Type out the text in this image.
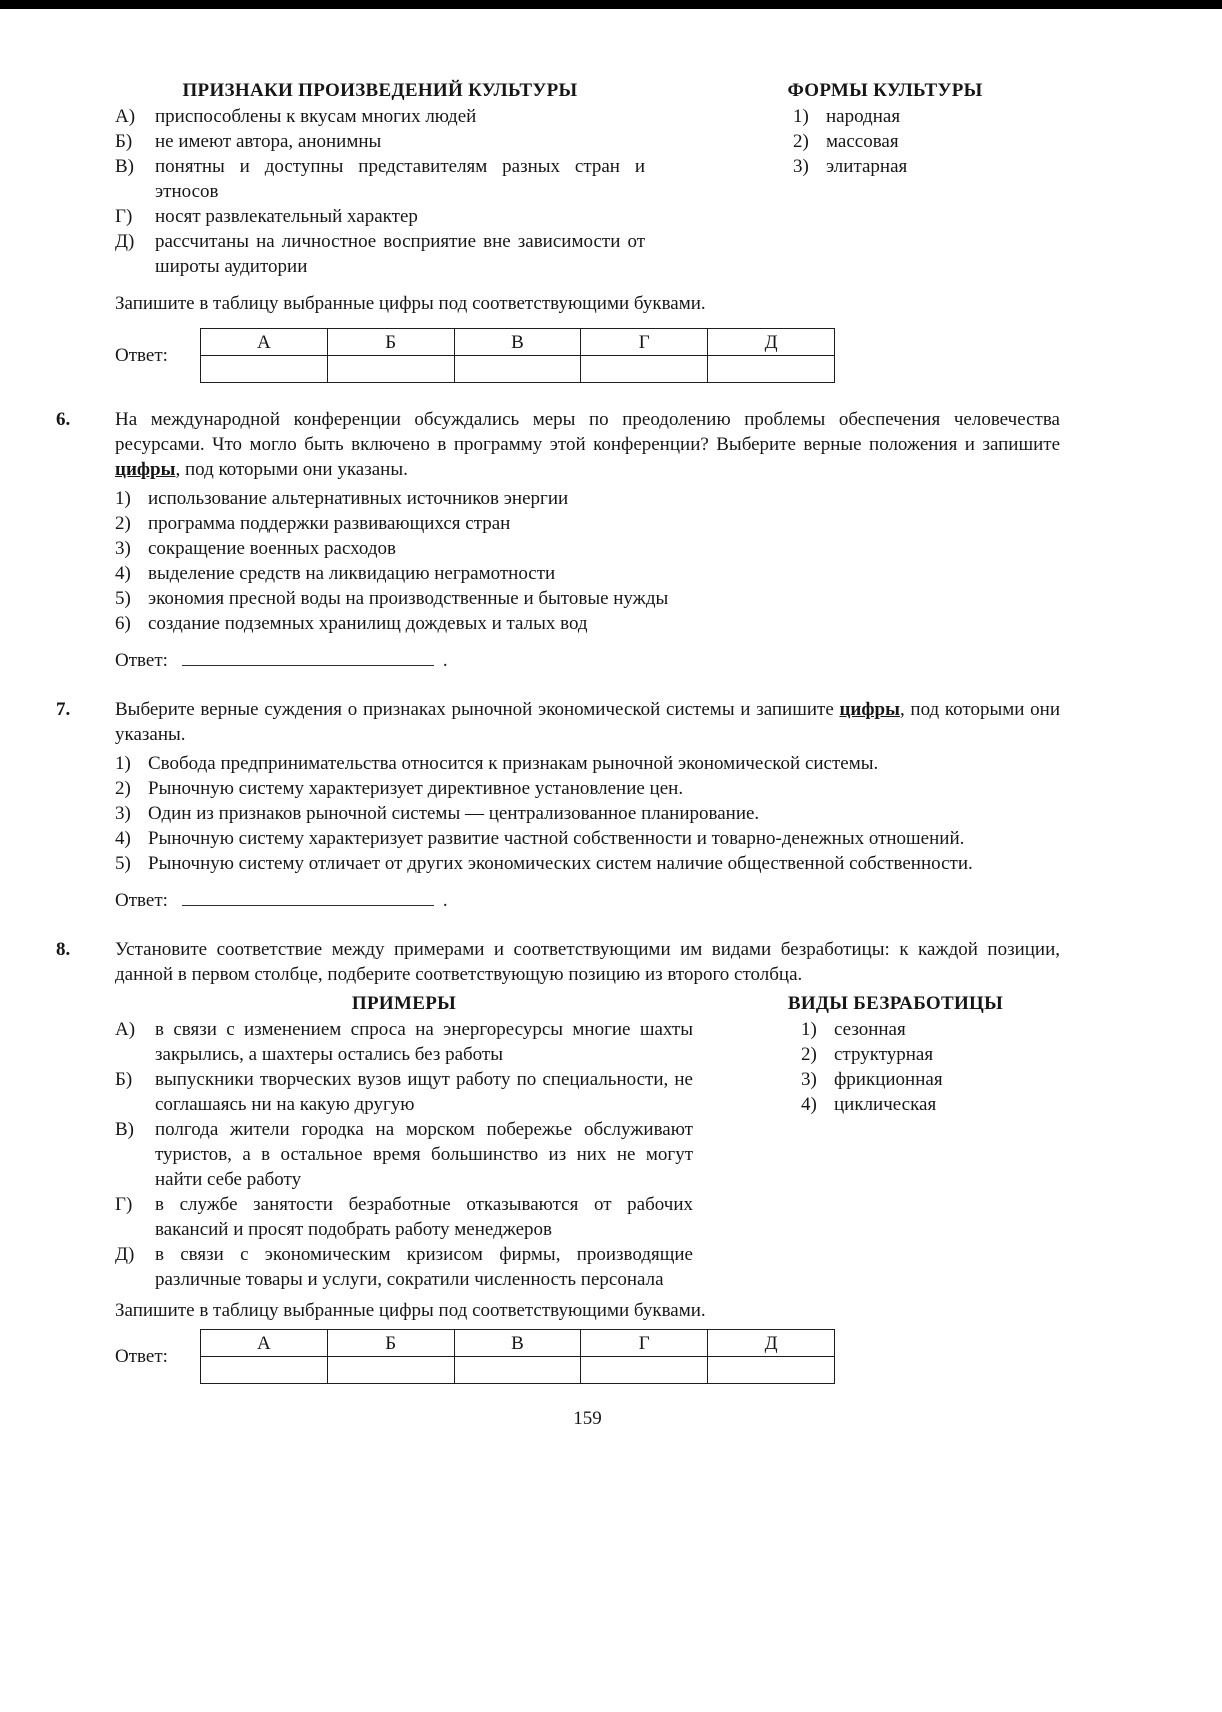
ПРИЗНАКИ ПРОИЗВЕДЕНИЙ КУЛЬТУРЫ
А)	приспособлены к вкусам многих людей
Б)	не имеют автора, анонимны
В)	понятны и доступны представителям разных стран и этносов
Г)	носят развлекательный характер
Д)	рассчитаны на личностное восприятие вне зависимости от широты аудитории
ФОРМЫ КУЛЬТУРЫ
1) народная
2) массовая
3) элитарная

Запишите в таблицу выбранные цифры под соответствующими буквами.

Ответ:
А	Б	В	Г	Д

6. На международной конференции обсуждались меры по преодолению проблемы обеспечения человечества ресурсами. Что могло быть включено в программу этой конференции? Выберите верные положения и запишите цифры, под которыми они указаны.

1) использование альтернативных источников энергии
2) программа поддержки развивающихся стран
3) сокращение военных расходов
4) выделение средств на ликвидацию неграмотности
5) экономия пресной воды на производственные и бытовые нужды
6) создание подземных хранилищ дождевых и талых вод

Ответ:	.

7. Выберите верные суждения о признаках рыночной экономической системы и запишите цифры, под которыми они указаны.

1) Свобода предпринимательства относится к признакам рыночной экономической системы.
2) Рыночную систему характеризует директивное установление цен.
3) Один из признаков рыночной системы — централизованное планирование.
4) Рыночную систему характеризует развитие частной собственности и товарно-денежных отношений.
5) Рыночную систему отличает от других экономических систем наличие общественной собственности.

Ответ:	.

8. Установите соответствие между примерами и соответствующими им видами безработицы: к каждой позиции, данной в первом столбце, подберите соответствующую позицию из второго столбца.

ПРИМЕРЫ
А)	в связи с изменением спроса на энергоресурсы многие шахты закрылись, а шахтеры остались без работы
Б)	выпускники творческих вузов ищут работу по специальности, не соглашаясь ни на какую другую
В)	полгода жители городка на морском побережье обслуживают туристов, а в остальное время большинство из них не могут найти себе работу
Г)	в службе занятости безработные отказываются от рабочих вакансий и просят подобрать работу менеджеров
Д)	в связи с экономическим кризисом фирмы, производящие различные товары и услуги, сократили численность персонала
ВИДЫ БЕЗРАБОТИЦЫ
1) сезонная
2) структурная
3) фрикционная
4) циклическая

Запишите в таблицу выбранные цифры под соответствующими буквами.

Ответ:
А	Б	В	Г	Д

159
